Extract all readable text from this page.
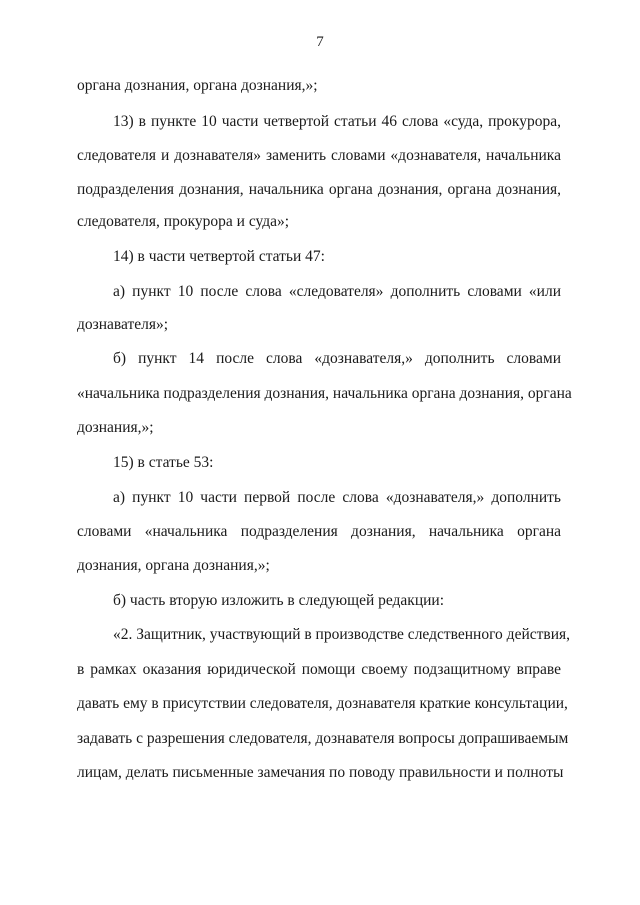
7
органа дознания, органа дознания,»;
13) в пункте 10 части четвертой статьи 46 слова «суда, прокурора,
следователя и дознавателя» заменить словами «дознавателя, начальника
подразделения дознания, начальника органа дознания, органа дознания,
следователя, прокурора и суда»;
14) в части четвертой статьи 47:
а) пункт 10 после слова «следователя» дополнить словами «или
дознавателя»;
б) пункт 14 после слова «дознавателя,» дополнить словами
«начальника подразделения дознания, начальника органа дознания, органа
дознания,»;
15) в статье 53:
а) пункт 10 части первой после слова «дознавателя,» дополнить
словами «начальника подразделения дознания, начальника органа
дознания, органа дознания,»;
б) часть вторую изложить в следующей редакции:
«2. Защитник, участвующий в производстве следственного действия,
в рамках оказания юридической помощи своему подзащитному вправе
давать ему в присутствии следователя, дознавателя краткие консультации,
задавать с разрешения следователя, дознавателя вопросы допрашиваемым
лицам, делать письменные замечания по поводу правильности и полноты
